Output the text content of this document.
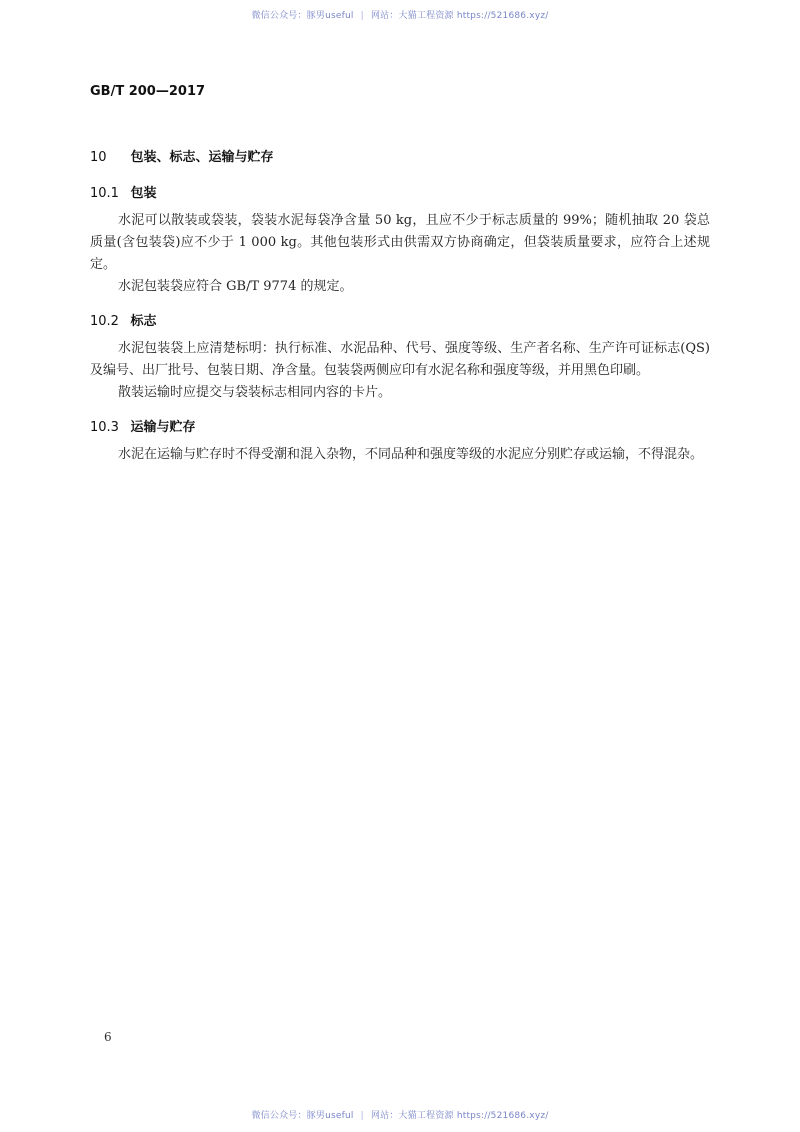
微信公众号：豚男useful | 网站：大猫工程资源 https://521686.xyz/
GB/T 200—2017
10 包装、标志、运输与贮存
10.1 包装
水泥可以散装或袋装，袋装水泥每袋净含量 50 kg，且应不少于标志质量的 99%；随机抽取 20 袋总质量(含包装袋)应不少于 1 000 kg。其他包装形式由供需双方协商确定，但袋装质量要求，应符合上述规定。
水泥包装袋应符合 GB/T 9774 的规定。
10.2 标志
水泥包装袋上应清楚标明：执行标准、水泥品种、代号、强度等级、生产者名称、生产许可证标志(QS)及编号、出厂批号、包装日期、净含量。包装袋两侧应印有水泥名称和强度等级，并用黑色印刷。
散装运输时应提交与袋装标志相同内容的卡片。
10.3 运输与贮存
水泥在运输与贮存时不得受潮和混入杂物，不同品种和强度等级的水泥应分别贮存或运输，不得混杂。
6
微信公众号：豚男useful | 网站：大猫工程资源 https://521686.xyz/
